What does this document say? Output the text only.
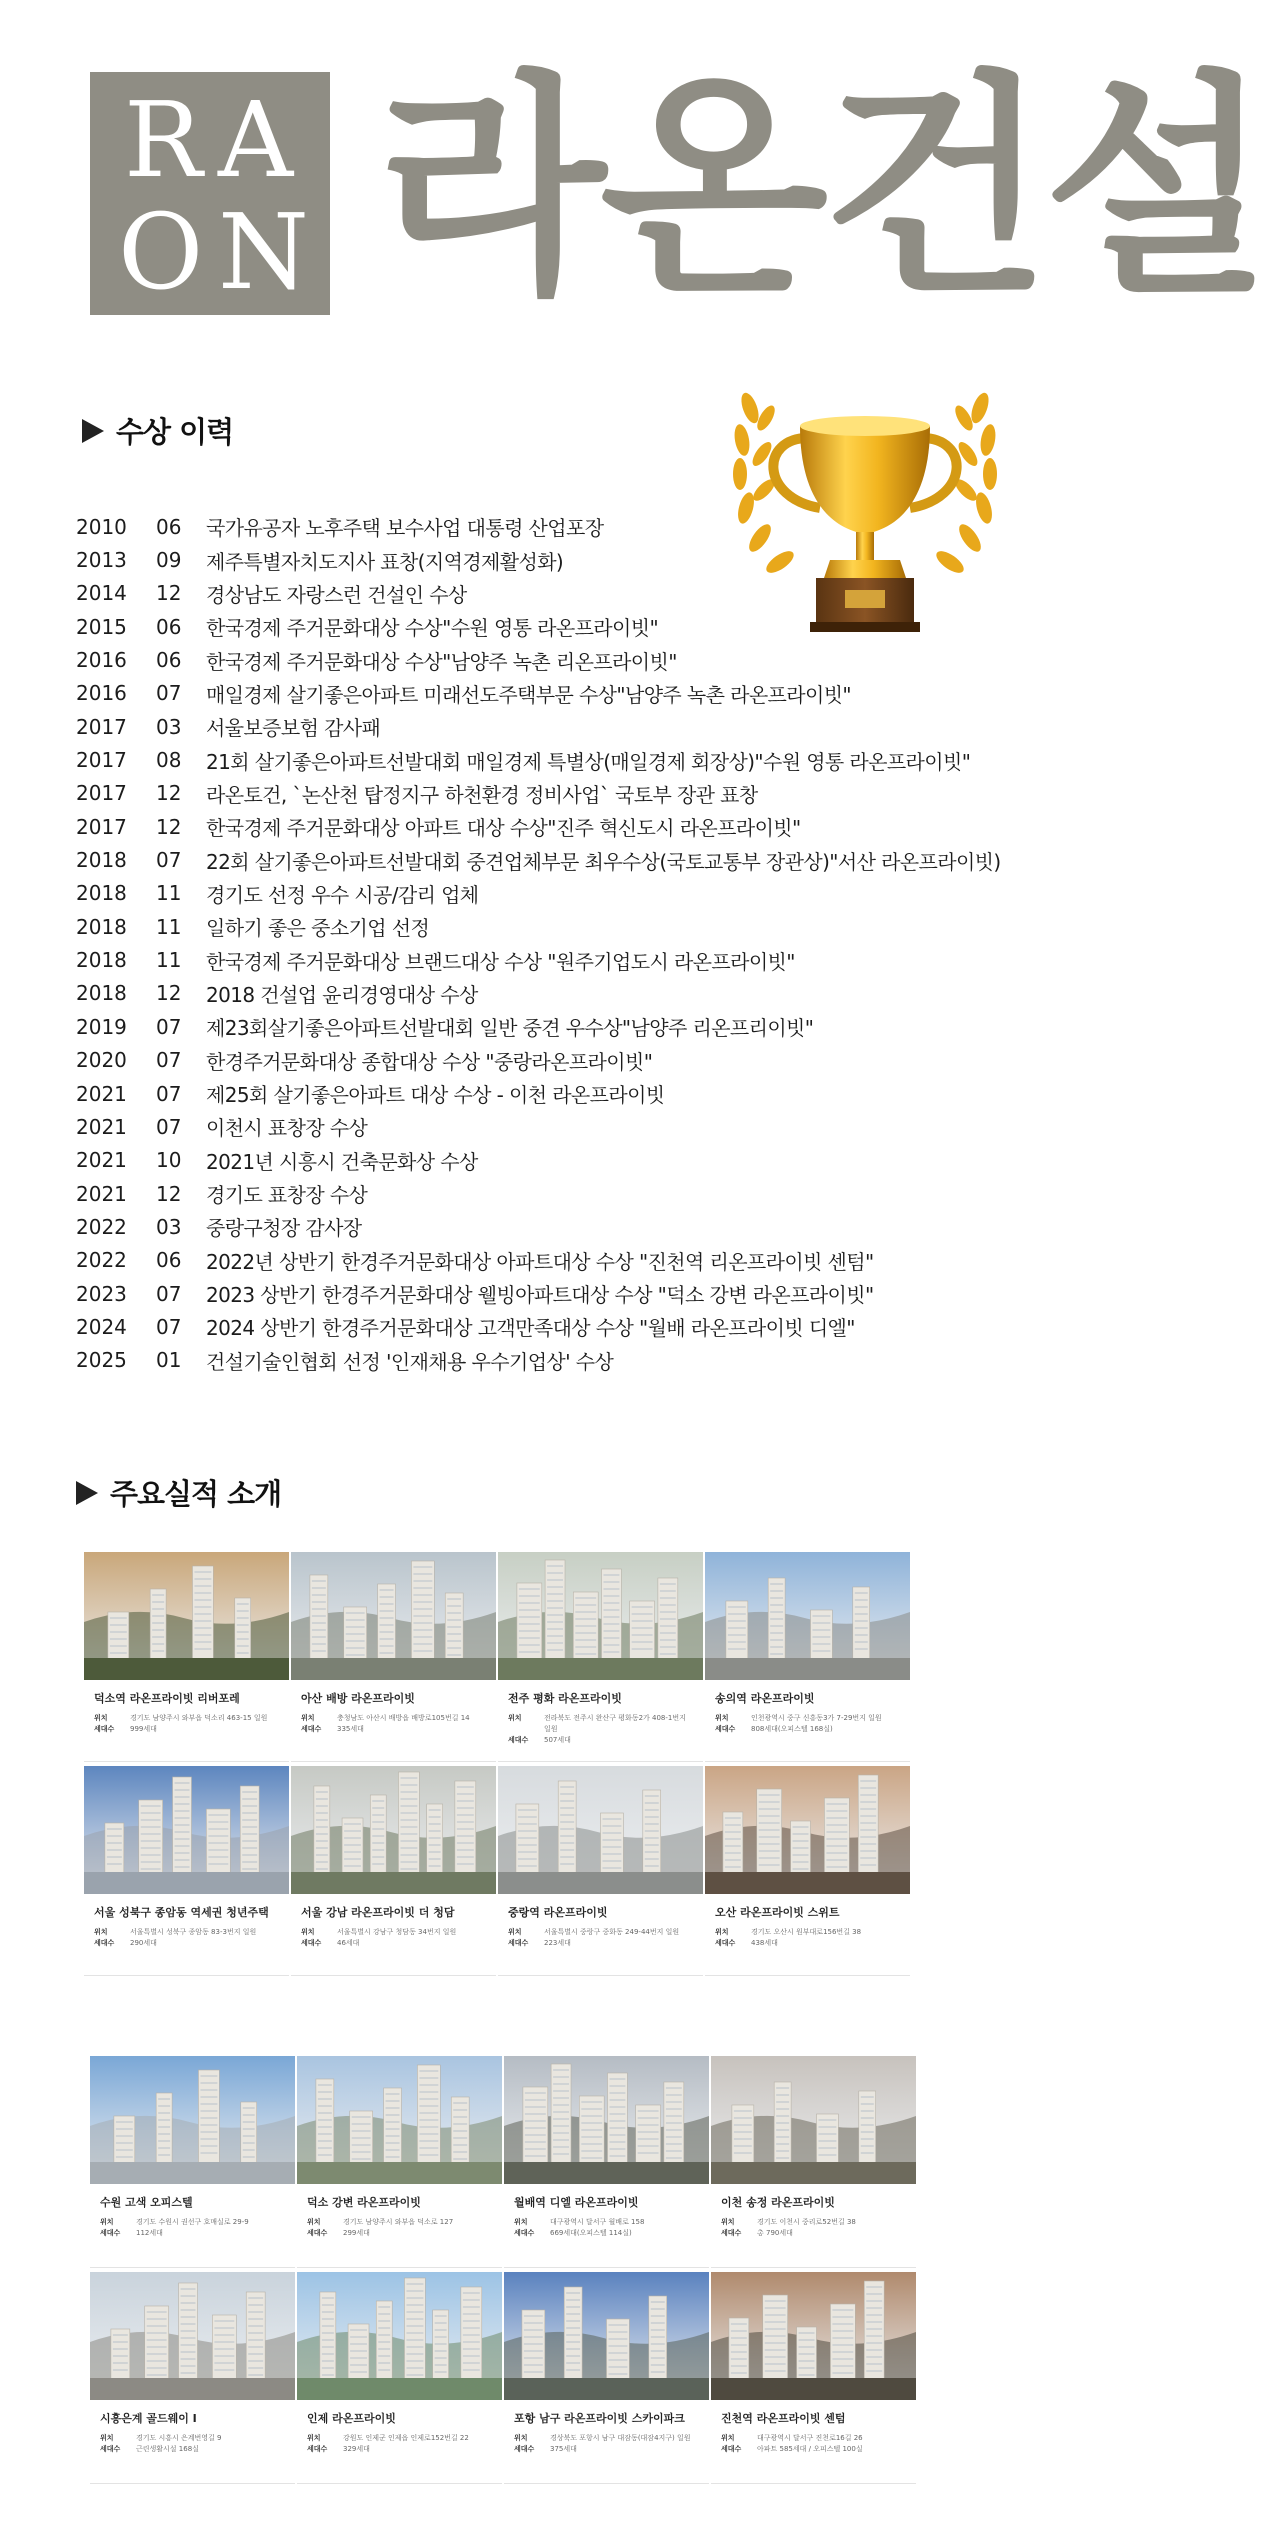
R A
O N 라온건설
수상 이력
2010	06	국가유공자 노후주택 보수사업 대통령 산업포장
2013	09	제주특별자치도지사 표창(지역경제활성화)
2014	12	경상남도 자랑스런 건설인 수상
2015	06	한국경제 주거문화대상 수상"수원 영통 라온프라이빗"
2016	06	한국경제 주거문화대상 수상"남양주 녹촌 리온프라이빗"
2016	07	매일경제 살기좋은아파트 미래선도주택부문 수상"남양주 녹촌 라온프라이빗"
2017	03	서울보증보험 감사패
2017	08	21회 살기좋은아파트선발대회 매일경제 특별상(매일경제 회장상)"수원 영통 라온프라이빗"
2017	12	라온토건, `논산천 탑정지구 하천환경 정비사업` 국토부 장관 표창
2017	12	한국경제 주거문화대상 아파트 대상 수상"진주 혁신도시 라온프라이빗"
2018	07	22회 살기좋은아파트선발대회 중견업체부문 최우수상(국토교통부 장관상)"서산 라온프라이빗)
2018	11	경기도 선정 우수 시공/감리 업체
2018	11	일하기 좋은 중소기업 선정
2018	11	한국경제 주거문화대상 브랜드대상 수상 "원주기업도시 라온프라이빗"
2018	12	2018 건설업 윤리경영대상 수상
2019	07	제23회살기좋은아파트선발대회 일반 중견 우수상"남양주 리온프리이빗"
2020	07	한경주거문화대상 종합대상 수상 "중랑라온프라이빗"
2021	07	제25회 살기좋은아파트 대상 수상 - 이천 라온프라이빗
2021	07	이천시 표창장 수상
2021	10	2021년 시흥시 건축문화상 수상
2021	12	경기도 표창장 수상
2022	03	중랑구청장 감사장
2022	06	2022년 상반기 한경주거문화대상 아파트대상 수상 "진천역 리온프라이빗 센텀"
2023	07	2023 상반기 한경주거문화대상 웰빙아파트대상 수상 "덕소 강변 라온프라이빗"
2024	07	2024 상반기 한경주거문화대상 고객만족대상 수상 "월배 라온프라이빗 디엘"
2025	01	건설기술인협회 선정 '인재채용 우수기업상' 수상
주요실적 소개
덕소역 라온프라이빗 리버포레
위치	경기도 남양주시 와부읍 덕소리 463-15 일원
세대수	999세대
아산 배방 라온프라이빗
위치	충청남도 아산시 배방읍 배방로105번길 14
세대수	335세대
전주 평화 라온프라이빗
위치	전라북도 전주시 완산구 평화동2가 408-1번지 일원
세대수	507세대
송의역 라온프라이빗
위치	인천광역시 중구 신흥동3가 7-29번지 일원
세대수	808세대(오피스텔 168실)
서울 성북구 종암동 역세권 청년주택
위치	서울특별시 성북구 종암동 83-3번지 일원
세대수	290세대
서울 강남 라온프라이빗 더 청담
위치	서울특별시 강남구 청담동 34번지 일원
세대수	46세대
중랑역 라온프라이빗
위치	서울특별시 중랑구 중화동 249-44번지 일원
세대수	223세대
오산 라온프라이빗 스위트
위치	경기도 오산시 원부대로156번길 38
세대수	438세대
수원 고색 오피스텔
위치	경기도 수원시 권선구 호매실로 29-9
세대수	112세대
덕소 강변 라온프라이빗
위치	경기도 남양주시 와부읍 덕소로 127
세대수	299세대
월배역 디엘 라온프라이빗
위치	대구광역시 달서구 월배로 158
세대수	669세대(오피스텔 114실)
이천 송정 라온프라이빗
위치	경기도 이천시 중리로52번길 38
세대수	총 790세대
시흥은계 골드웨이 I
위치	경기도 시흥시 은계번영길 9
세대수	근린생활시설 168실
인제 라온프라이빗
위치	강원도 인제군 인제읍 인제로152번길 22
세대수	329세대
포항 남구 라온프라이빗 스카이파크
위치	경상북도 포항시 남구 대잠동(대잠4지구) 일원
세대수	375세대
진천역 라온프라이빗 센텀
위치	대구광역시 달서구 진천로16길 26
세대수	아파트 585세대 / 오피스텔 100실
